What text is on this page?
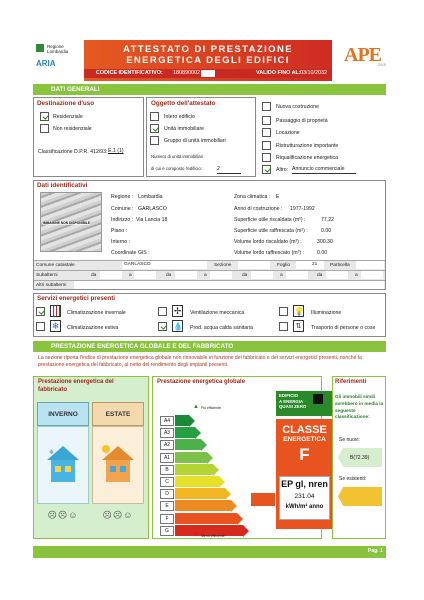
Regione
Lombardia
ARIA
ATTESTATO DI PRESTAZIONE
ENERGETICA DEGLI EDIFICI
CODICE IDENTIFICATIVO: 180890002	VALIDO FINO AL: 03/10/2032
APE
2015
DATI GENERALI
Destinazione d'uso
Residenziale
Non residenziale
Classificazione D.P.R. 412/93: E.1 (1)
Oggetto dell'attestato
Intero edificio
Unità immobiliare
Gruppo di unità immobiliari
Numero di unità immobiliari
di cui è composto l'edificio:	2
Nuova costruzione
Passaggio di proprietà
Locazione
Ristrutturazione importante
Riqualificazione energetica
Altro: Annuncio commerciale
Dati identificativi
IMMAGINE NON DISPONIBILE
Regione : Lombardia
Comune : GARLASCO
Indirizzo : Via Lancia 18
Piano :
Interno :
Coordinate GIS :
Zona climatica : E
Anno di costruzione : 1977-1992
Superficie utile riscaldata (m²) :	77.22
Superficie utile raffrescata (m²) :	0.00
Volume lordo riscaldato (m³) :	300.30
Volume lordo raffrescato (m³) :	0.00
Comune catastale	GARLASCO	Sezione	Foglio	21	Particella
Subalterni	da	a	da	a	da	a	da	a
Altri subalterni
Servizi energetici presenti
Climatizzazione invernale
❄	Climatizzazione estiva
✢	Ventilazione meccanica
💧 Prod. acqua calda sanitaria
💡 Illuminazione
⇅	Trasporto di persone o cose
PRESTAZIONE ENERGETICA GLOBALE E DEL FABBRICATO
La sezione riporta l'indice di prestazione energetica globale non rinnovabile in funzione del fabbricato e dei servizi energetici presenti, nonché la prestazione energetica del fabbricato, al netto del rendimento degli impianti presenti.
Prestazione energetica del
fabbricato
INVERNO	ESTATE
❄
☹☹☺	☹☹☺
Prestazione energetica globale
▲ Più efficiente
A4
A3
A2
A1
B
C
D
E
F
G
▼ Meno efficiente
EDIFICIO
A ENERGIA
QUASI ZERO
CLASSE
ENERGETICA
F
EP gl, nren
231.04
kWh/m² anno
Riferimenti
Gli immobili simili avrebbero in media la seguente classificazione:
Se nuovi:
B(72.39)
Se esistenti:
Pag. 1
